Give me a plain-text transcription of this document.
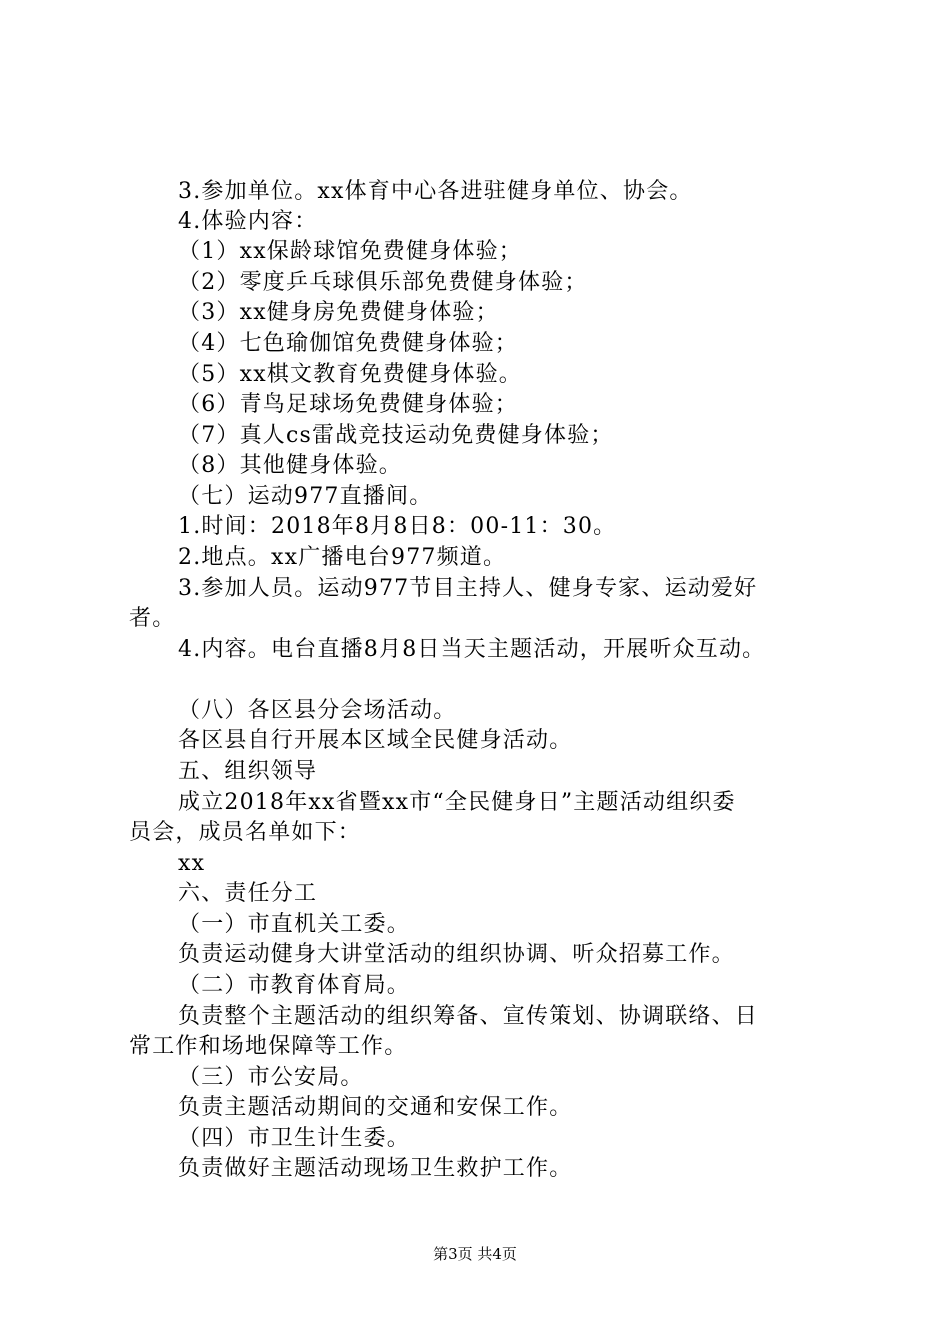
3.参加单位。xx体育中心各进驻健身单位、协会。

4.体验内容：

（1）xx保龄球馆免费健身体验；

（2）零度乒乓球俱乐部免费健身体验；

（3）xx健身房免费健身体验；

（4）七色瑜伽馆免费健身体验；

（5）xx棋文教育免费健身体验。

（6）青鸟足球场免费健身体验；

（7）真人cs雷战竞技运动免费健身体验；

（8）其他健身体验。

（七）运动977直播间。

1.时间：2018年8月8日8：00-11：30。

2.地点。xx广播电台977频道。

3.参加人员。运动977节目主持人、健身专家、运动爱好

者。

4.内容。电台直播8月8日当天主题活动，开展听众互动。

（八）各区县分会场活动。

各区县自行开展本区域全民健身活动。

五、组织领导

成立2018年xx省暨xx市“全民健身日”主题活动组织委

员会，成员名单如下：

xx

六、责任分工

（一）市直机关工委。

负责运动健身大讲堂活动的组织协调、听众招募工作。

（二）市教育体育局。

负责整个主题活动的组织筹备、宣传策划、协调联络、日

常工作和场地保障等工作。

（三）市公安局。

负责主题活动期间的交通和安保工作。

（四）市卫生计生委。

负责做好主题活动现场卫生救护工作。

第3页 共4页
